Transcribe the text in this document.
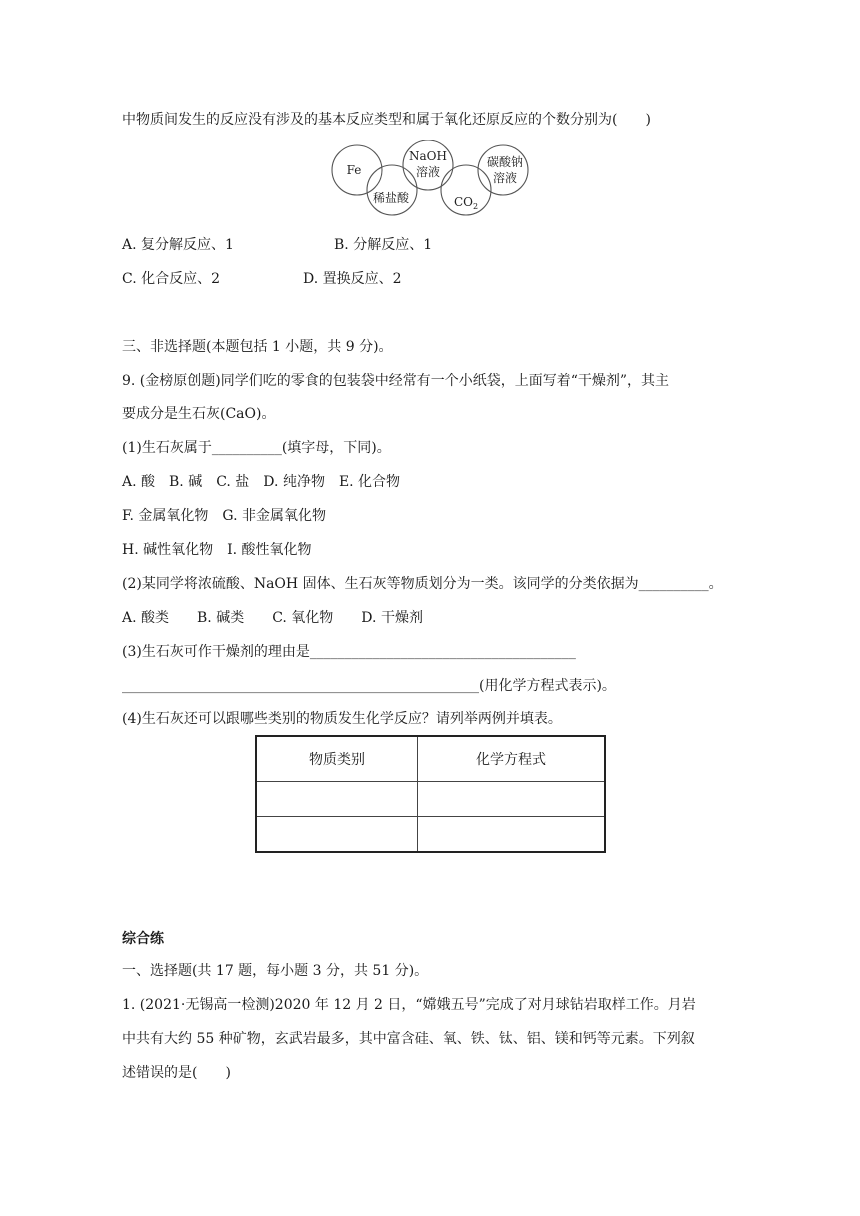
中物质间发生的反应没有涉及的基本反应类型和属于氧化还原反应的个数分别为(　　)
Fe
NaOH
溶液
碳酸钠
溶液
稀盐酸	$CO_2$
A. 复分解反应、1	B. 分解反应、1
C. 化合反应、2	D. 置换反应、2
三、非选择题(本题包括 1 小题，共 9 分)。
9. (金榜原创题)同学们吃的零食的包装袋中经常有一个小纸袋，上面写着“干燥剂”，其主
要成分是生石灰(CaO)。
(1)生石灰属于__________(填字母，下同)。
A. 酸　B. 碱　C. 盐　D. 纯净物　E. 化合物
F. 金属氧化物　G. 非金属氧化物
H. 碱性氧化物　I. 酸性氧化物
(2)某同学将浓硫酸、NaOH 固体、生石灰等物质划分为一类。该同学的分类依据为__________。
A. 酸类　　B. 碱类　　C. 氧化物　　D. 干燥剂
(3)生石灰可作干燥剂的理由是______________________________________
___________________________________________________(用化学方程式表示)。
(4)生石灰还可以跟哪些类别的物质发生化学反应？请列举两例并填表。
物质类别	化学方程式

综合练
一、选择题(共 17 题，每小题 3 分，共 51 分)。
1. (2021·无锡高一检测)2020 年 12 月 2 日，“嫦娥五号”完成了对月球钻岩取样工作。月岩
中共有大约 55 种矿物，玄武岩最多，其中富含硅、氧、铁、钛、铝、镁和钙等元素。下列叙
述错误的是(　　)
